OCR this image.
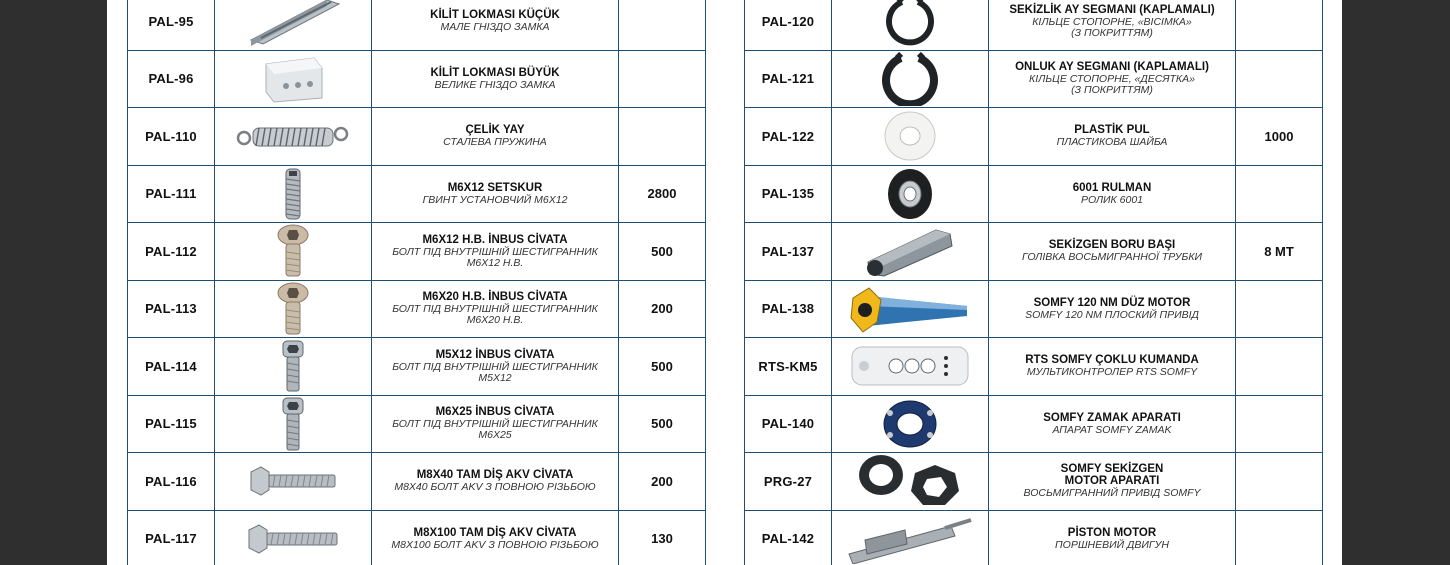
PAL-95		KİLİT LOKMASI KÜÇÜK
МАЛЕ ГНІЗДО ЗАМКА	

PAL-96		KİLİT LOKMASI BÜYÜK
ВЕЛИКЕ ГНІЗДО ЗАМКА	

PAL-110		ÇELİK YAY
СТАЛЕВА ПРУЖИНА	

PAL-111		M6X12 SETSKUR
ГВИНТ УСТАНОВЧИЙ М6Х12	2800
PAL-112		M6X12 H.B. İNBUS CİVATA
БОЛТ ПІД ВНУТРІШНІЙ ШЕСТИГРАННИК
M6X12 H.B.	500
PAL-113		M6X20 H.B. İNBUS CİVATA
БОЛТ ПІД ВНУТРІШНІЙ ШЕСТИГРАННИК
M6X20 H.B.	200
PAL-114		M5X12 İNBUS CİVATA
БОЛТ ПІД ВНУТРІШНІЙ ШЕСТИГРАННИК
M5X12	500
PAL-115		M6X25 İNBUS CİVATA
БОЛТ ПІД ВНУТРІШНІЙ ШЕСТИГРАННИК
M6X25	500
PAL-116		M8X40 TAM DİŞ AKV CİVATA
M8X40 БОЛТ AKV З ПОВНОЮ РІЗЬБОЮ	200
PAL-117		M8X100 TAM DİŞ AKV CİVATA
M8X100 БОЛТ AKV З ПОВНОЮ РІЗЬБОЮ	130
PAL-120		SEKİZLİK AY SEGMANI (KAPLAMALI)
КІЛЬЦЕ СТОПОРНЕ, «ВІСІМКА»
(З ПОКРИТТЯМ)	

PAL-121		ONLUK AY SEGMANI (KAPLAMALI)
КІЛЬЦЕ СТОПОРНЕ, «ДЕСЯТКА»
(З ПОКРИТТЯМ)	

PAL-122		PLASTİK PUL
ПЛАСТИКОВА ШАЙБА	1000
PAL-135		6001 RULMAN
РОЛИК 6001	

PAL-137		SEKİZGEN BORU BAŞI
ГОЛІВКА ВОСЬМИГРАННОЇ ТРУБКИ	8 MT
PAL-138		SOMFY 120 NM DÜZ MOTOR
SOMFY 120 NM ПЛОСКИЙ ПРИВІД	

RTS-KM5		RTS SOMFY ÇOKLU KUMANDA
МУЛЬТИКОНТРОЛЕР RTS SOMFY	

PAL-140		SOMFY ZAMAK APARATI
АПАРАТ SOMFY ZAMAK	

PRG-27		SOMFY SEKİZGEN
MOTOR APARATI
ВОСЬМИГРАННИЙ ПРИВІД SOMFY	

PAL-142		PİSTON MOTOR
ПОРШНЕВИЙ ДВИГУН	
